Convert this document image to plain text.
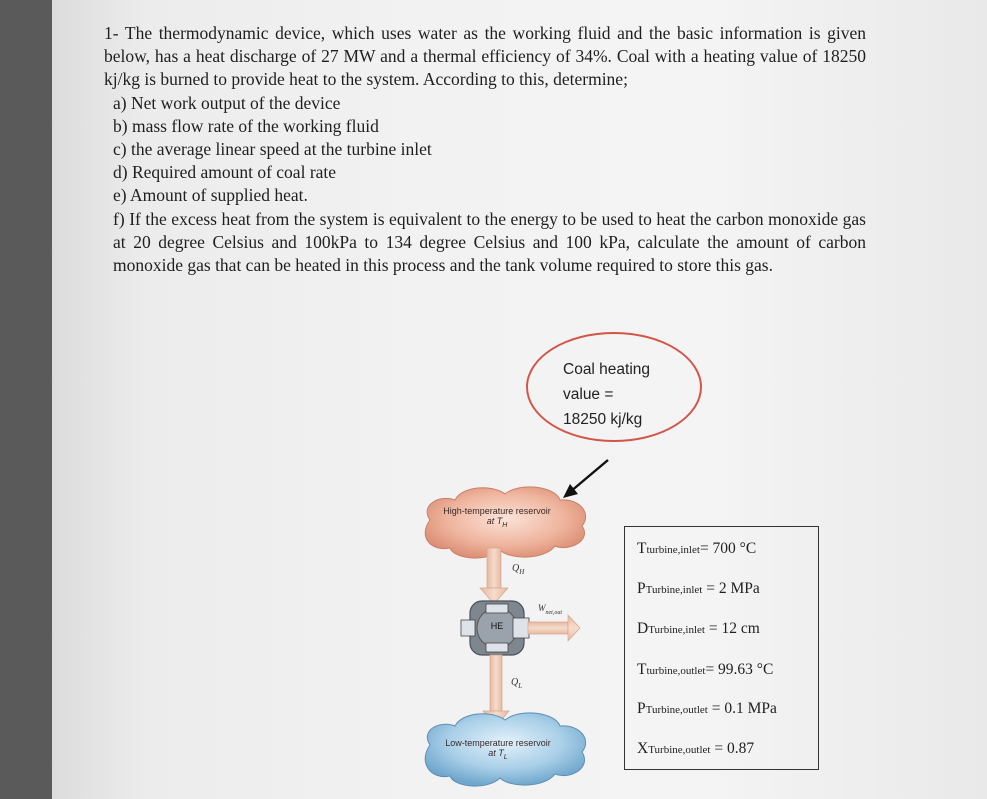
1- The thermodynamic device, which uses water as the working fluid and the basic information is given below, has a heat discharge of 27 MW and a thermal efficiency of 34%. Coal with a heating value of 18250 kj/kg is burned to provide heat to the system. According to this, determine;

a) Net work output of the device

b) mass flow rate of the working fluid

c) the average linear speed at the turbine inlet

d) Required amount of coal rate

e) Amount of supplied heat.

f) If the excess heat from the system is equivalent to the energy to be used to heat the carbon monoxide gas at 20 degree Celsius and 100kPa to 134 degree Celsius and 100 kPa, calculate the amount of carbon monoxide gas that can be heated in this process and the tank volume required to store this gas.

Coal heating
value =
18250 kj/kg
High-temperature reservoir
at $T_H$
$Q_H$
$W_{net,out}$
HE
$Q_L$
Low-temperature reservoir
at $T_L$
Tturbine,inlet= 700 °C
PTurbine,inlet = 2 MPa
DTurbine,inlet = 12 cm
Tturbine,outlet= 99.63 °C
PTurbine,outlet = 0.1 MPa
XTurbine,outlet = 0.87
